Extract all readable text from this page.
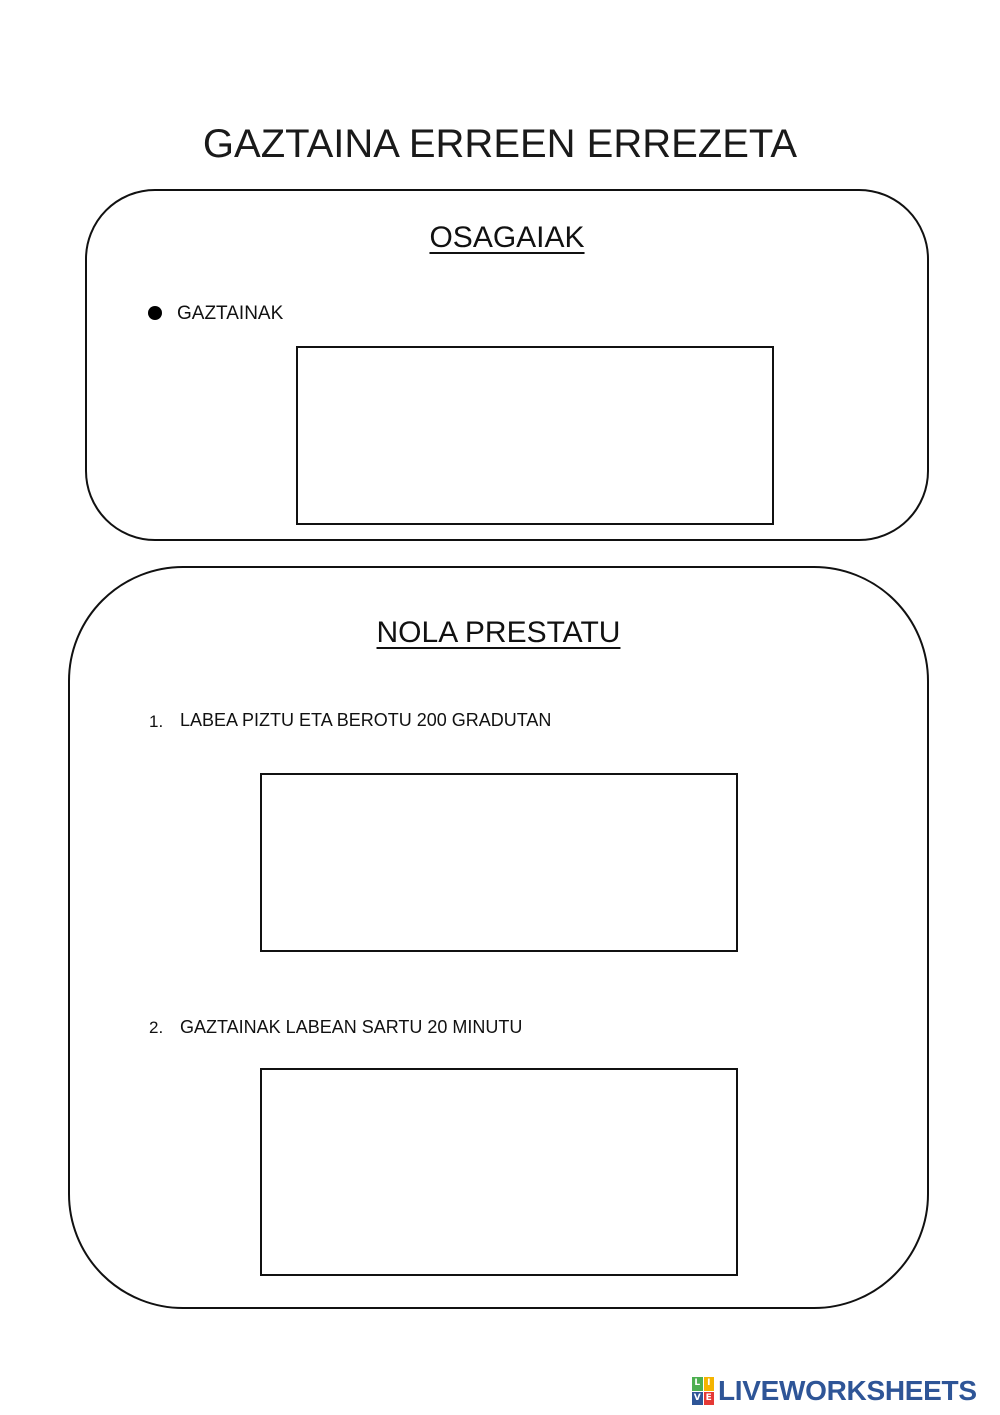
GAZTAINA ERREEN ERREZETA
OSAGAIAK
GAZTAINAK
NOLA PRESTATU
1. LABEA PIZTU ETA BEROTU 200 GRADUTAN
2. GAZTAINAK LABEAN SARTU 20 MINUTU
L I
V E LIVEWORKSHEETS
